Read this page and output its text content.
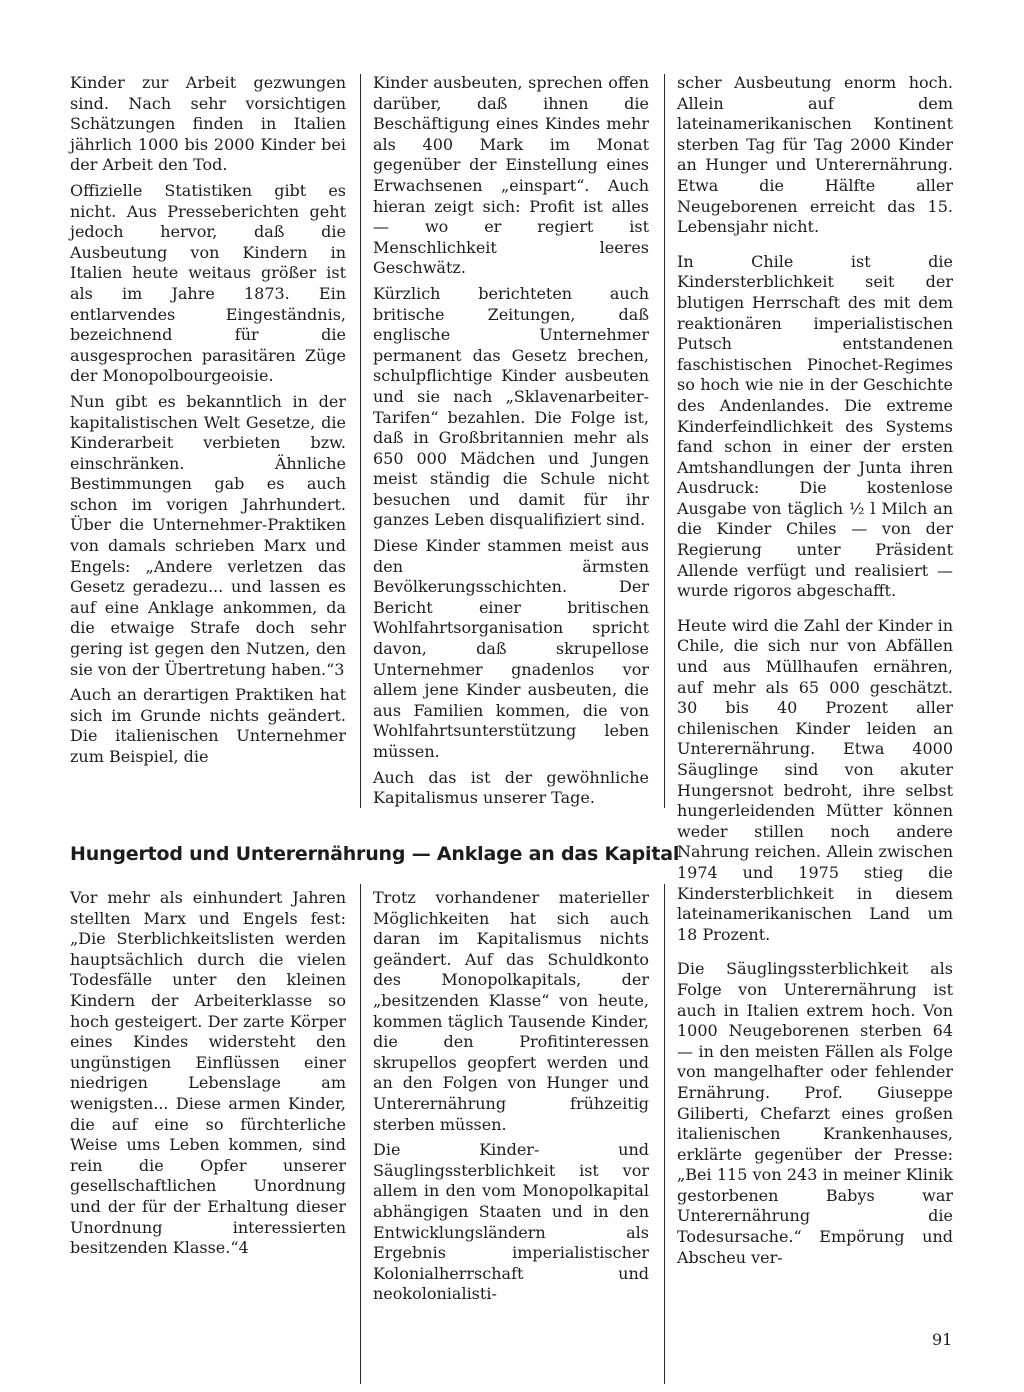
Kinder zur Arbeit gezwungen sind. Nach sehr vorsichtigen Schätzungen finden in Italien jährlich 1000 bis 2000 Kinder bei der Arbeit den Tod.

Offizielle Statistiken gibt es nicht. Aus Presseberichten geht jedoch hervor, daß die Ausbeutung von Kindern in Italien heute weitaus größer ist als im Jahre 1873. Ein entlarvendes Eingeständnis, bezeichnend für die ausgesprochen parasitären Züge der Monopolbourgeoisie.

Nun gibt es bekanntlich in der kapitalistischen Welt Gesetze, die Kinderarbeit verbieten bzw. einschränken. Ähnliche Bestimmungen gab es auch schon im vorigen Jahrhundert. Über die Unternehmer-Praktiken von damals schrieben Marx und Engels: „Andere verletzen das Gesetz geradezu... und lassen es auf eine Anklage ankommen, da die etwaige Strafe doch sehr gering ist gegen den Nutzen, den sie von der Übertretung haben.“3

Auch an derartigen Praktiken hat sich im Grunde nichts geändert. Die italienischen Unternehmer zum Beispiel, die

Kinder ausbeuten, sprechen offen darüber, daß ihnen die Beschäftigung eines Kindes mehr als 400 Mark im Monat gegenüber der Einstellung eines Erwachsenen „einspart“. Auch hieran zeigt sich: Profit ist alles — wo er regiert ist Menschlichkeit leeres Geschwätz.

Kürzlich berichteten auch britische Zeitungen, daß englische Unternehmer permanent das Gesetz brechen, schulpflichtige Kinder ausbeuten und sie nach „Sklavenarbeiter-Tarifen“ bezahlen. Die Folge ist, daß in Großbritannien mehr als 650 000 Mädchen und Jungen meist ständig die Schule nicht besuchen und damit für ihr ganzes Leben disqualifiziert sind.

Diese Kinder stammen meist aus den ärmsten Bevölkerungsschichten. Der Bericht einer britischen Wohlfahrtsorganisation spricht davon, daß skrupellose Unternehmer gnadenlos vor allem jene Kinder ausbeuten, die aus Familien kommen, die von Wohlfahrtsunterstützung leben müssen.

Auch das ist der gewöhnliche Kapitalismus unserer Tage.

scher Ausbeutung enorm hoch. Allein auf dem lateinamerikanischen Kontinent sterben Tag für Tag 2000 Kinder an Hunger und Unterernährung. Etwa die Hälfte aller Neugeborenen erreicht das 15. Lebensjahr nicht.

In Chile ist die Kindersterblichkeit seit der blutigen Herrschaft des mit dem reaktionären imperialistischen Putsch entstandenen faschistischen Pinochet-Regimes so hoch wie nie in der Geschichte des Andenlandes. Die extreme Kinderfeindlichkeit des Systems fand schon in einer der ersten Amtshandlungen der Junta ihren Ausdruck: Die kostenlose Ausgabe von täglich ½ l Milch an die Kinder Chiles — von der Regierung unter Präsident Allende verfügt und realisiert — wurde rigoros abgeschafft.

Heute wird die Zahl der Kinder in Chile, die sich nur von Abfällen und aus Müllhaufen ernähren, auf mehr als 65 000 geschätzt. 30 bis 40 Prozent aller chilenischen Kinder leiden an Unterernährung. Etwa 4000 Säuglinge sind von akuter Hungersnot bedroht, ihre selbst hungerleidenden Mütter können weder stillen noch andere Nahrung reichen. Allein zwischen 1974 und 1975 stieg die Kindersterblichkeit in diesem lateinamerikanischen Land um 18 Prozent.

Die Säuglingssterblichkeit als Folge von Unterernährung ist auch in Italien extrem hoch. Von 1000 Neugeborenen sterben 64 — in den meisten Fällen als Folge von mangelhafter oder fehlender Ernährung. Prof. Giuseppe Giliberti, Chefarzt eines großen italienischen Krankenhauses, erklärte gegenüber der Presse: „Bei 115 von 243 in meiner Klinik gestorbenen Babys war Unterernährung die Todesursache.“ Empörung und Abscheu ver-

Hungertod und Unterernährung — Anklage an das Kapital

Vor mehr als einhundert Jahren stellten Marx und Engels fest: „Die Sterblichkeitslisten werden hauptsächlich durch die vielen Todesfälle unter den kleinen Kindern der Arbeiterklasse so hoch gesteigert. Der zarte Körper eines Kindes widersteht den ungünstigen Einflüssen einer niedrigen Lebenslage am wenigsten... Diese armen Kinder, die auf eine so fürchterliche Weise ums Leben kommen, sind rein die Opfer unserer gesellschaftlichen Unordnung und der für der Erhaltung dieser Unordnung interessierten besitzenden Klasse.“4

Trotz vorhandener materieller Möglichkeiten hat sich auch daran im Kapitalismus nichts geändert. Auf das Schuldkonto des Monopolkapitals, der „besitzenden Klasse“ von heute, kommen täglich Tausende Kinder, die den Profitinteressen skrupellos geopfert werden und an den Folgen von Hunger und Unterernährung frühzeitig sterben müssen.

Die Kinder- und Säuglingssterblichkeit ist vor allem in den vom Monopolkapital abhängigen Staaten und in den Entwicklungsländern als Ergebnis imperialistischer Kolonialherrschaft und neokolonialisti-

91
